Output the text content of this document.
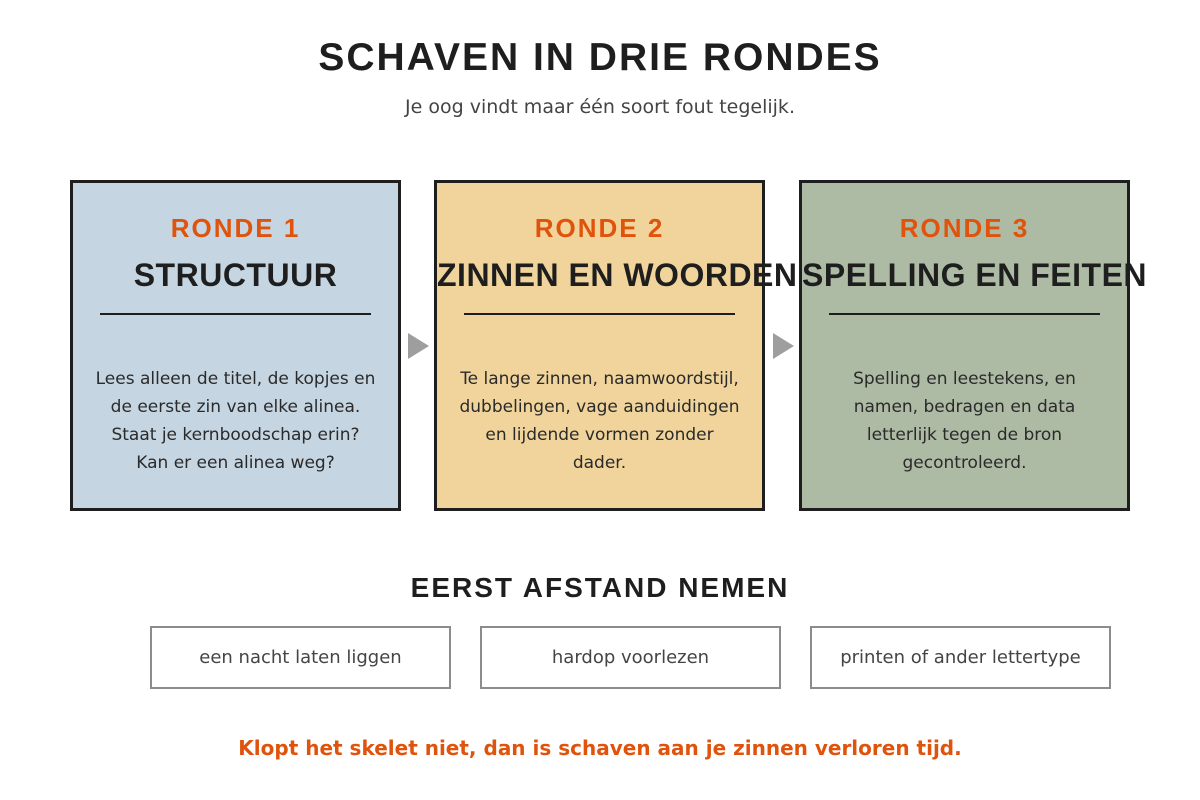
SCHAVEN IN DRIE RONDES
Je oog vindt maar één soort fout tegelijk.
RONDE 1
STRUCTUUR
Lees alleen de titel, de kopjes en de eerste zin van elke alinea. Staat je kernboodschap erin? Kan er een alinea weg?
RONDE 2
ZINNEN EN WOORDEN
Te lange zinnen, naamwoordstijl, dubbelingen, vage aanduidingen en lijdende vormen zonder dader.
RONDE 3
SPELLING EN FEITEN
Spelling en leestekens, en namen, bedragen en data letterlijk tegen de bron gecontroleerd.
EERST AFSTAND NEMEN
een nacht laten liggen	hardop voorlezen	printen of ander lettertype
Klopt het skelet niet, dan is schaven aan je zinnen verloren tijd.
